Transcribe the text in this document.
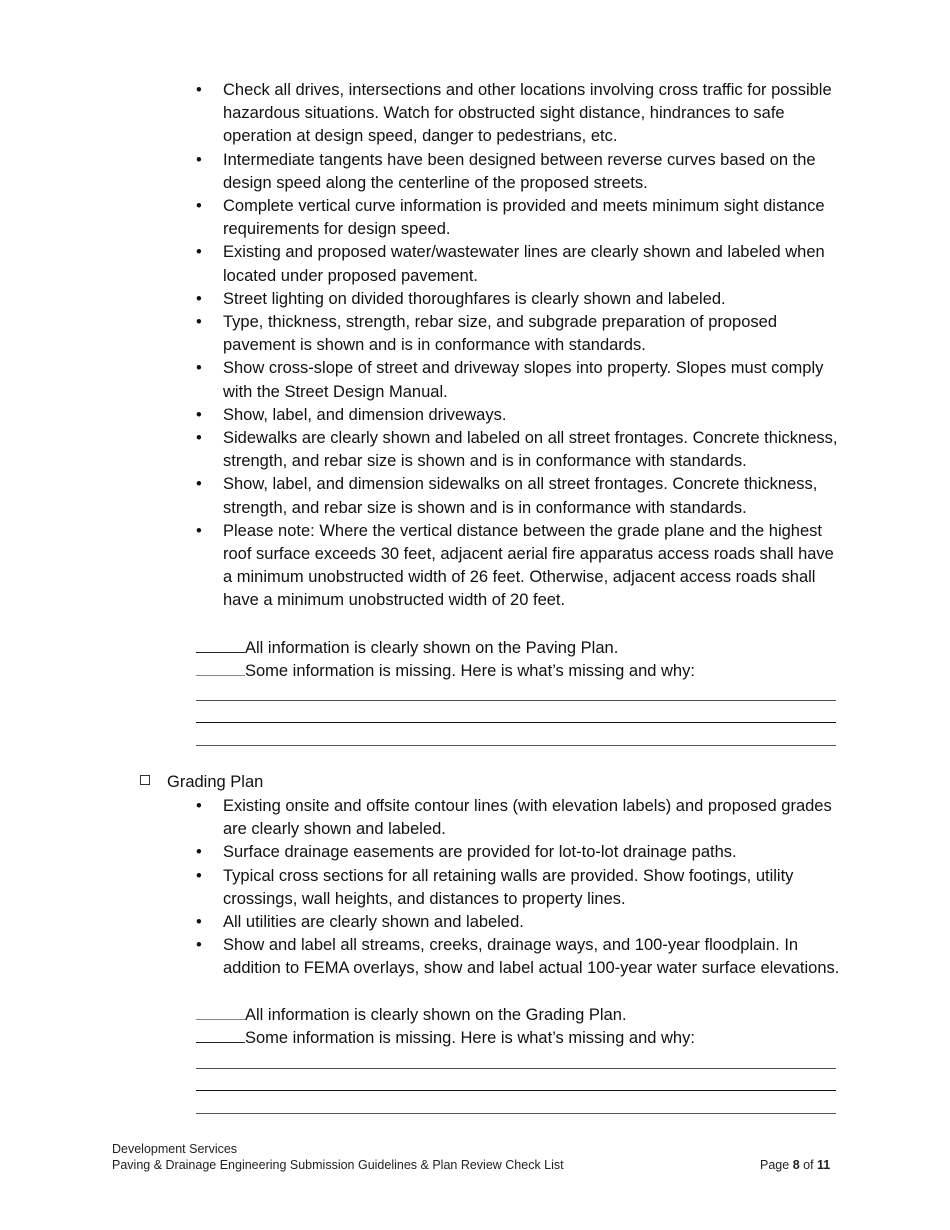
• Check all drives, intersections and other locations involving cross traffic for possible hazardous situations. Watch for obstructed sight distance, hindrances to safe operation at design speed, danger to pedestrians, etc.
• Intermediate tangents have been designed between reverse curves based on the design speed along the centerline of the proposed streets.
• Complete vertical curve information is provided and meets minimum sight distance requirements for design speed.
• Existing and proposed water/wastewater lines are clearly shown and labeled when located under proposed pavement.
• Street lighting on divided thoroughfares is clearly shown and labeled.
• Type, thickness, strength, rebar size, and subgrade preparation of proposed pavement is shown and is in conformance with standards.
• Show cross-slope of street and driveway slopes into property. Slopes must comply with the Street Design Manual.
• Show, label, and dimension driveways.
• Sidewalks are clearly shown and labeled on all street frontages. Concrete thickness, strength, and rebar size is shown and is in conformance with standards.
• Show, label, and dimension sidewalks on all street frontages. Concrete thickness, strength, and rebar size is shown and is in conformance with standards.
• Please note: Where the vertical distance between the grade plane and the highest roof surface exceeds 30 feet, adjacent aerial fire apparatus access roads shall have a minimum unobstructed width of 26 feet. Otherwise, adjacent access roads shall have a minimum unobstructed width of 20 feet.
All information is clearly shown on the Paving Plan.
Some information is missing. Here is what’s missing and why:
Grading Plan
• Existing onsite and offsite contour lines (with elevation labels) and proposed grades are clearly shown and labeled.
• Surface drainage easements are provided for lot-to-lot drainage paths.
• Typical cross sections for all retaining walls are provided. Show footings, utility crossings, wall heights, and distances to property lines.
• All utilities are clearly shown and labeled.
• Show and label all streams, creeks, drainage ways, and 100-year floodplain. In addition to FEMA overlays, show and label actual 100-year water surface elevations.
All information is clearly shown on the Grading Plan.
Some information is missing. Here is what’s missing and why:
Development Services
Paving & Drainage Engineering Submission Guidelines & Plan Review Check List	Page 8 of 11
